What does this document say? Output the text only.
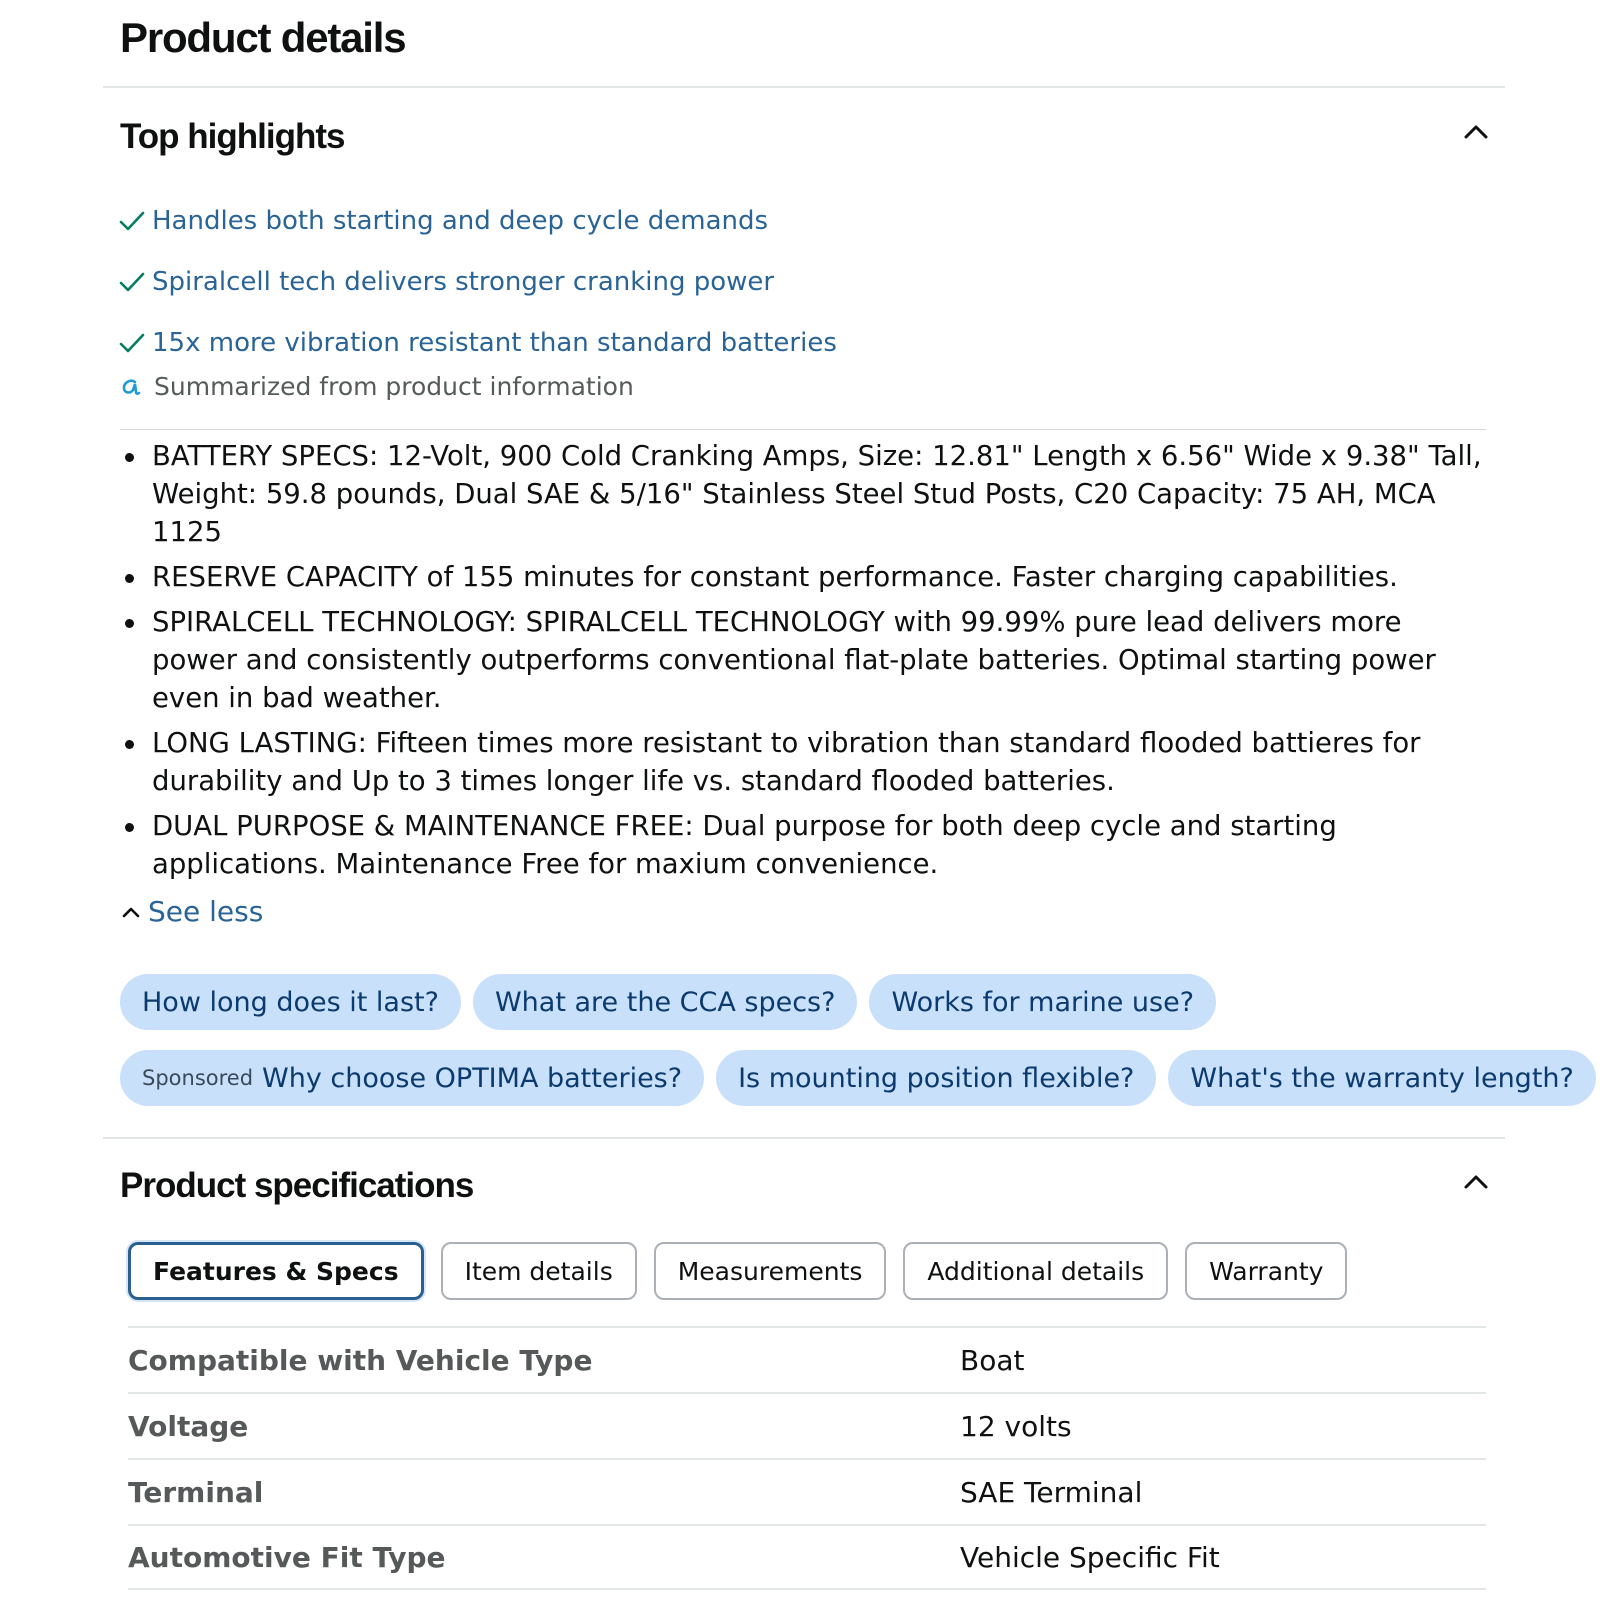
Product details
Top highlights
Handles both starting and deep cycle demands
Spiralcell tech delivers stronger cranking power
15x more vibration resistant than standard batteries
Summarized from product information
BATTERY SPECS: 12-Volt, 900 Cold Cranking Amps, Size: 12.81" Length x 6.56" Wide x 9.38" Tall, Weight: 59.8 pounds, Dual SAE & 5/16" Stainless Steel Stud Posts, C20 Capacity: 75 AH, MCA 1125
RESERVE CAPACITY of 155 minutes for constant performance. Faster charging capabilities.
SPIRALCELL TECHNOLOGY: SPIRALCELL TECHNOLOGY with 99.99% pure lead delivers more power and consistently outperforms conventional flat-plate batteries. Optimal starting power even in bad weather.
LONG LASTING: Fifteen times more resistant to vibration than standard flooded battieres for durability and Up to 3 times longer life vs. standard flooded batteries.
DUAL PURPOSE & MAINTENANCE FREE: Dual purpose for both deep cycle and starting applications. Maintenance Free for maxium convenience.
See less
How long does it last?	What are the CCA specs?	Works for marine use?
Sponsored Why choose OPTIMA batteries?	Is mounting position flexible?	What's the warranty length?
Product specifications
Features & Specs	Item details	Measurements	Additional details	Warranty
Compatible with Vehicle Type	Boat
Voltage	12 volts
Terminal	SAE Terminal
Automotive Fit Type	Vehicle Specific Fit
